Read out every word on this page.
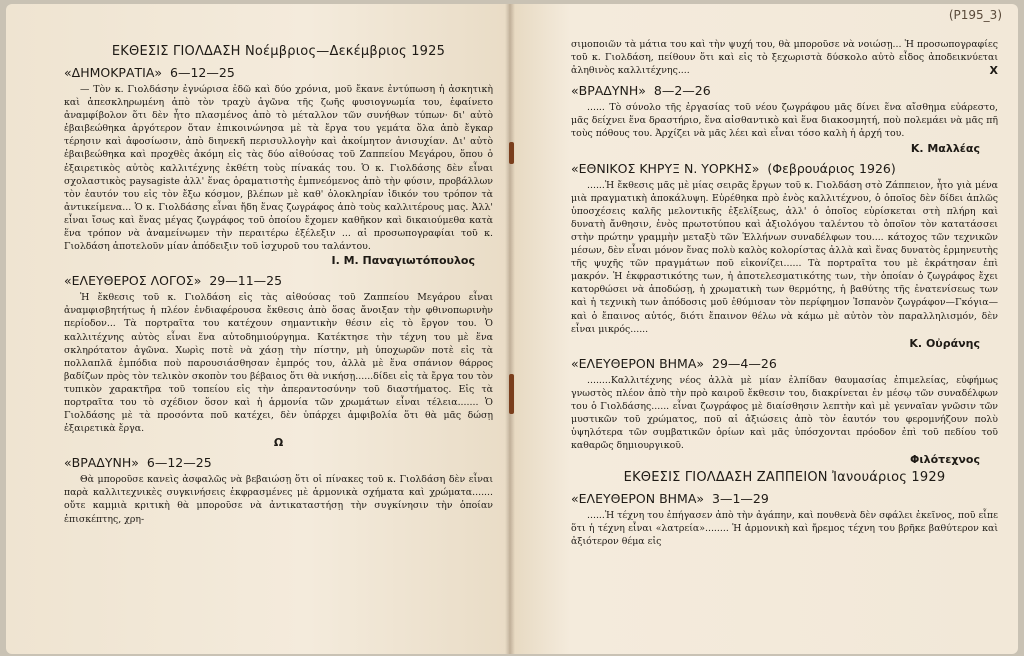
ΕΚΘΕΣΙΣ ΓΙΟΛΔΑΣΗ Νοέμβριος—Δεκέμβριος 1925
«ΔΗΜΟΚΡΑΤΙΑ» 6—12—25

— Τὸν κ. Γιολδάσην ἐγνώρισα ἐδῶ καὶ δύο χρόνια, μοῦ ἔκανε ἐντύπωση ἡ ἀσκητικὴ καὶ ἀπεσκληρωμένη ἀπὸ τὸν τραχὺ ἀγῶνα τῆς ζωῆς φυσιογνωμία του, ἐφαίνετο ἀναμφίβολον ὅτι δὲν ἦτο πλασμένος ἀπὸ τὸ μέταλλον τῶν συνήθων τύπων· δι' αὐτὸ ἐβαιβεώθηκα ἀργότερον ὅταν ἐπικοινώνησα μὲ τὰ ἔργα του γεμάτα ὅλα ἀπὸ ἔγκαρ τέρησιν καὶ ἀφοσίωσιν, ἀπὸ διηνεκῆ περισυλλογὴν καὶ ἀκοίμητον ἀνισυχίαν. Δι' αὐτὸ ἐβαιβεώθηκα καὶ προχθὲς ἀκόμη εἰς τὰς δύο αἰθούσας τοῦ Ζαππείου Μεγάρου, ὅπου ὁ ἐξαιρετικὸς αὐτὸς καλλιτέχνης ἐκθέτη τοὺς πίνακάς του. Ὁ κ. Γιολδάσης δὲν εἶναι σχολαστικὸς paysagiste ἀλλ' ἕνας ὁραματιστὴς ἐμπνεόμενος ἀπὸ τὴν φύσιν, προβάλλων τὸν ἑαυτόν του εἰς τὸν ἔξω κόσμον, βλέπων μὲ καθ' ὁλοκληρίαν ἰδικόν του τρόπον τὰ ἀντικείμενα... Ὁ κ. Γιολδάσης εἶναι ἤδη ἕνας ζωγράφος ἀπὸ τοὺς καλλιτέρους μας. Ἀλλ' εἶναι ἴσως καὶ ἕνας μέγας ζωγράφος τοῦ ὁποίου ἔχομεν καθῆκον καὶ δικαιούμεθα κατὰ ἕνα τρόπον νὰ ἀναμείνωμεν τὴν περαιτέρω ἐξέλεξιν ... αἱ προσωπογραφίαι τοῦ κ. Γιολδάση ἀποτελοῦν μίαν ἀπόδειξιν τοῦ ἰσχυροῦ του ταλάντου.

Ι. Μ. Παναγιωτόπουλος
«ΕΛΕΥΘΕΡΟΣ ΛΟΓΟΣ» 29—11—25

Ἡ ἔκθεσις τοῦ κ. Γιολδάση εἰς τὰς αἰθούσας τοῦ Ζαππείου Μεγάρου εἶναι ἀναμφισβητήτως ἡ πλέον ἐνδιαφέρουσα ἔκθεσις ἀπὸ ὅσας ἄνοιξαν τὴν φθινοπωρινὴν περίοδον... Τὰ πορτραῖτα του κατέχουν σημαντικὴν θέσιν εἰς τὸ ἔργον του. Ὁ καλλιτέχνης αὐτὸς εἶναι ἕνα αὐτοδημιούργημα. Κατέκτησε τὴν τέχνη του μὲ ἕνα σκληρότατον ἀγῶνα. Χωρὶς ποτὲ νὰ χάσῃ τὴν πίστην, μὴ ὑποχωρῶν ποτὲ εἰς τὰ πολλαπλᾶ ἐμπόδια ποὺ παρουσιάσθησαν ἐμπρός του, ἀλλὰ μὲ ἕνα σπάνιον θάρρος βαδίζων πρὸς τὸν τελικὸν σκοπὸν του βέβαιος ὅτι θὰ νικήσῃ......δίδει εἰς τὰ ἔργα του τὸν τυπικὸν χαρακτῆρα τοῦ τοπείου εἰς τὴν ἀπεραντοσύνην τοῦ διαστήματος. Εἰς τὰ πορτραῖτα του τὸ σχέδιον ὅσον καὶ ἡ ἁρμονία τῶν χρωμάτων εἶναι τέλεια....... Ὁ Γιολδάσης μὲ τὰ προσόντα ποῦ κατέχει, δὲν ὑπάρχει ἀμφιβολία ὅτι θὰ μᾶς δώσῃ ἐξαιρετικὰ ἔργα.

Ω
«ΒΡΑΔΥΝΗ» 6—12—25

Θὰ μποροῦσε κανεὶς ἀσφαλῶς νὰ βεβαιώσῃ ὅτι οἱ πίνακες τοῦ κ. Γιολδάση δὲν εἶναι παρὰ καλλιτεχνικὲς συγκινήσεις ἐκφρασμένες μὲ ἁρμονικὰ σχήματα καὶ χρώματα....... οὔτε καμμιὰ κριτικὴ θὰ μποροῦσε νὰ ἀντικαταστήσῃ τὴν συγκίνησιν τὴν ὁποίαν ἐπισκέπτης, χρη-

(P195_3)

σιμοποιῶν τὰ μάτια του καὶ τὴν ψυχή του, θὰ μποροῦσε νὰ νοιώσῃ... Ἡ προσωπογραφίες τοῦ κ. Γιολδάση, πείθουν ὅτι καὶ εἰς τὸ ξεχωριστὰ δύσκολο αὐτὸ εἶδος ἀποδεικνύεται ἀληθινὸς καλλιτέχνης....	X

«ΒΡΑΔΥΝΗ» 8—2—26

...... Τὸ σύνολο τῆς ἐργασίας τοῦ νέου ζωγράφου μᾶς δίνει ἕνα αἴσθημα εὐάρεστο, μᾶς δείχνει ἕνα δραστήριο, ἕνα αἰσθαντικὸ καὶ ἕνα διακοσμητή, ποὺ πολεμάει νὰ μᾶς πῆ τοὺς πόθους του. Ἀρχίζει νὰ μᾶς λέει καὶ εἶναι τόσο καλὴ ἡ ἀρχή του.

Κ. Μαλλέας
«ΕΘΝΙΚΟΣ ΚΗΡΥΞ Ν. ΥΟΡΚΗΣ» (Φεβρουάριος 1926)

......Ἡ ἔκθεσις μᾶς μὲ μίας σειρᾶς ἔργων τοῦ κ. Γιολδάση στὸ Ζάππειον, ἦτο γιὰ μένα μιὰ πραγματικὴ ἀποκάλυψη. Εὑρέθηκα πρὸ ἑνὸς καλλιτέχνου, ὁ ὁποῖος δὲν δίδει ἁπλῶς ὑποσχέσεις καλῆς μελοντικῆς ἐξελίξεως, ἀλλ' ὁ ὁποῖος εὑρίσκεται στὴ πλήρη καὶ δυνατὴ ἄνθησιν, ἑνὸς πρωτοτύπου καὶ ἀξιολόγου ταλέντου τὸ ὁποῖον τὸν κατατάσσει στὴν πρώτην γραμμὴν μεταξὺ τῶν Ἑλλήνων συναδέλφων του.... κάτοχος τῶν τεχνικῶν μέσων, δὲν εἶναι μόνον ἕνας πολὺ καλὸς κολορίστας ἀλλὰ καὶ ἕνας δυνατὸς ἑρμηνευτὴς τῆς ψυχῆς τῶν πραγμάτων ποῦ εἰκονίζει...... Τὰ πορτραῖτα του μὲ ἐκράτησαν ἐπὶ μακρόν. Ἡ ἐκφραστικότης των, ἡ ἀποτελεσματικότης των, τὴν ὁποίαν ὁ ζωγράφος ἔχει κατορθώσει νὰ ἀποδώσῃ, ἡ χρωματικὴ των θερμότης, ἡ βαθύτης τῆς ἐνατενίσεως των καὶ ἡ τεχνικὴ των ἀπόδοσις μοῦ ἐθύμισαν τὸν περίφημον Ἰσπανὸν ζωγράφον—Γκόγια—καὶ ὁ ἔπαινος αὐτός, διότι ἔπαινον θέλω νὰ κάμω μὲ αὐτὸν τὸν παραλληλισμόν, δὲν εἶναι μικρός......

Κ. Οὐράνης
«ΕΛΕΥΘΕΡΟΝ ΒΗΜΑ» 29—4—26

........Καλλιτέχνης νέος ἀλλὰ μὲ μίαν ἐλπίδαν θαυμασίας ἐπιμελείας, εὐφήμως γνωστὸς πλέον ἀπὸ τὴν πρὸ καιροῦ ἔκθεσιν του, διακρίνεται ἐν μέσῳ τῶν συναδέλφων του ὁ Γιολδάσης...... εἶναι ζωγράφος μὲ διαίσθησιν λεπτὴν καὶ μὲ γενναῖαν γνῶσιν τῶν μυστικῶν τοῦ χρώματος, ποῦ αἱ ἀξιώσεις ἀπὸ τὸν ἑαυτόν του φερομνήζουν πολὺ ὑψηλότερα τῶν συμβατικῶν ὁρίων καὶ μᾶς ὑπόσχονται πρόοδον ἐπὶ τοῦ πεδίου τοῦ καθαρῶς δημιουργικοῦ.

Φιλότεχνος
ΕΚΘΕΣΙΣ ΓΙΟΛΔΑΣΗ ΖΑΠΠΕΙΟΝ Ἰανουάριος 1929
«ΕΛΕΥΘΕΡΟΝ ΒΗΜΑ» 3—1—29

......Ἡ τέχνη του ἐπήγασεν ἀπὸ τὴν ἀγάπην, καὶ πουθενὰ δὲν σφάλει ἐκεῖνος, ποῦ εἶπε ὅτι ἡ τέχνη εἶναι «λατρεία»........ Ἡ ἁρμονικὴ καὶ ἤρεμος τέχνη του βρῆκε βαθύτερον καὶ ἀξιότερον θέμα εἰς
